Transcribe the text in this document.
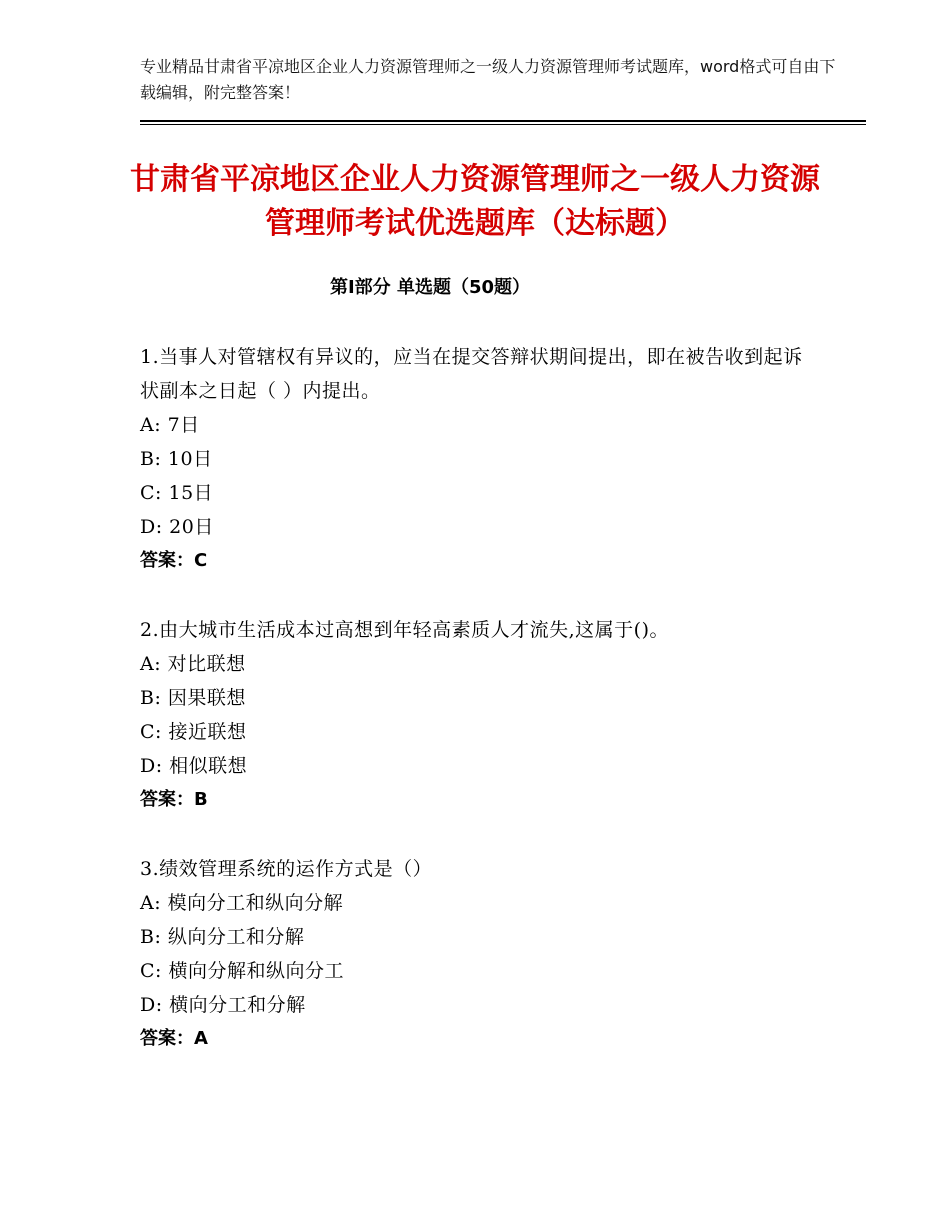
专业精品甘肃省平凉地区企业人力资源管理师之一级人力资源管理师考试题库，word格式可自由下载编辑，附完整答案！
甘肃省平凉地区企业人力资源管理师之一级人力资源管理师考试优选题库（达标题）
第Ⅰ部分 单选题（50题）
1.当事人对管辖权有异议的，应当在提交答辩状期间提出，即在被告收到起诉状副本之日起（ ）内提出。
A: 7日
B: 10日
C: 15日
D: 20日
答案：C
2.由大城市生活成本过高想到年轻高素质人才流失,这属于()。
A: 对比联想
B: 因果联想
C: 接近联想
D: 相似联想
答案：B
3.绩效管理系统的运作方式是（）
A: 模向分工和纵向分解
B: 纵向分工和分解
C: 横向分解和纵向分工
D: 横向分工和分解
答案：A
